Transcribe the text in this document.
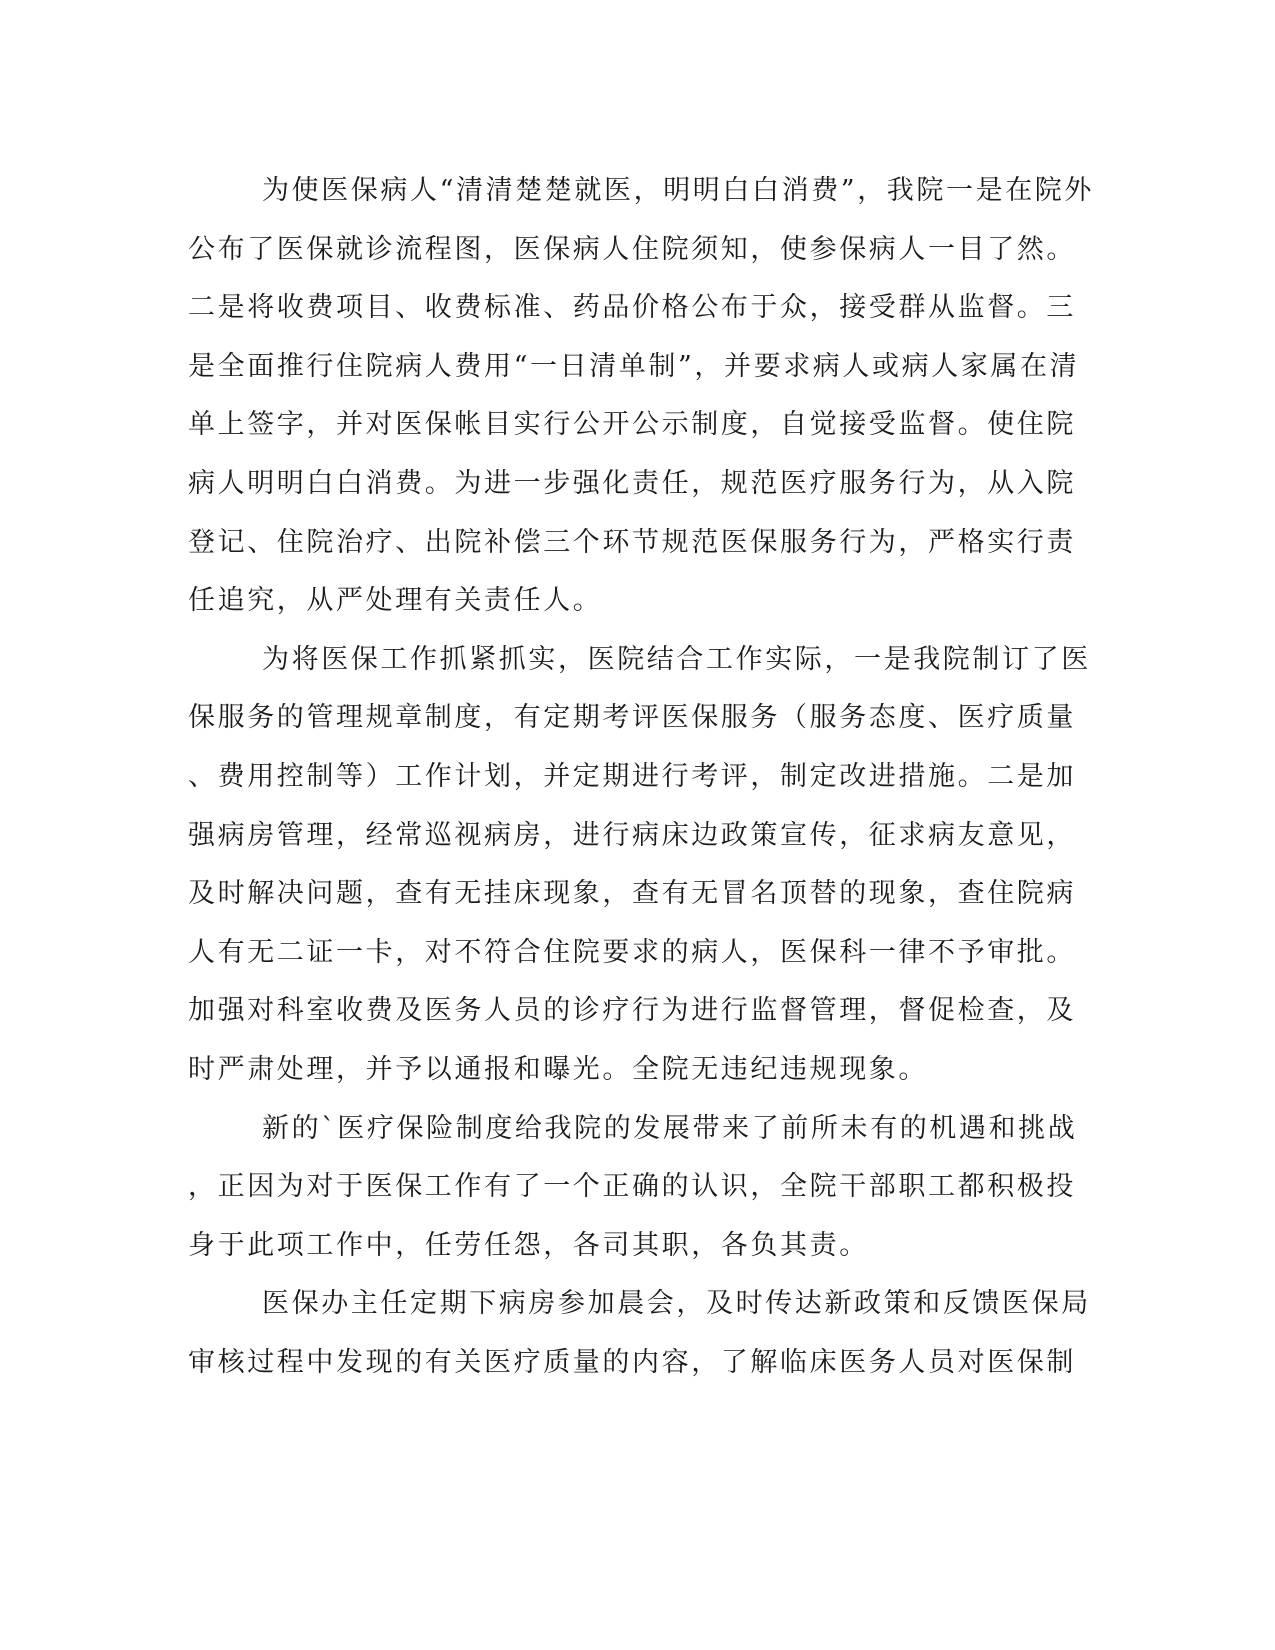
为使医保病人“清清楚楚就医，明明白白消费”，我院一是在院外
公布了医保就诊流程图，医保病人住院须知，使参保病人一目了然。
二是将收费项目、收费标准、药品价格公布于众，接受群从监督。三
是全面推行住院病人费用“一日清单制”，并要求病人或病人家属在清
单上签字，并对医保帐目实行公开公示制度，自觉接受监督。使住院
病人明明白白消费。为进一步强化责任，规范医疗服务行为，从入院
登记、住院治疗、出院补偿三个环节规范医保服务行为，严格实行责
任追究，从严处理有关责任人。
为将医保工作抓紧抓实，医院结合工作实际，一是我院制订了医
保服务的管理规章制度，有定期考评医保服务（服务态度、医疗质量
、费用控制等）工作计划，并定期进行考评，制定改进措施。二是加
强病房管理，经常巡视病房，进行病床边政策宣传，征求病友意见，
及时解决问题，查有无挂床现象，查有无冒名顶替的现象，查住院病
人有无二证一卡，对不符合住院要求的病人，医保科一律不予审批。
加强对科室收费及医务人员的诊疗行为进行监督管理，督促检查，及
时严肃处理，并予以通报和曝光。全院无违纪违规现象。
新的`医疗保险制度给我院的发展带来了前所未有的机遇和挑战
，正因为对于医保工作有了一个正确的认识，全院干部职工都积极投
身于此项工作中，任劳任怨，各司其职，各负其责。
医保办主任定期下病房参加晨会，及时传达新政策和反馈医保局
审核过程中发现的有关医疗质量的内容，了解临床医务人员对医保制
